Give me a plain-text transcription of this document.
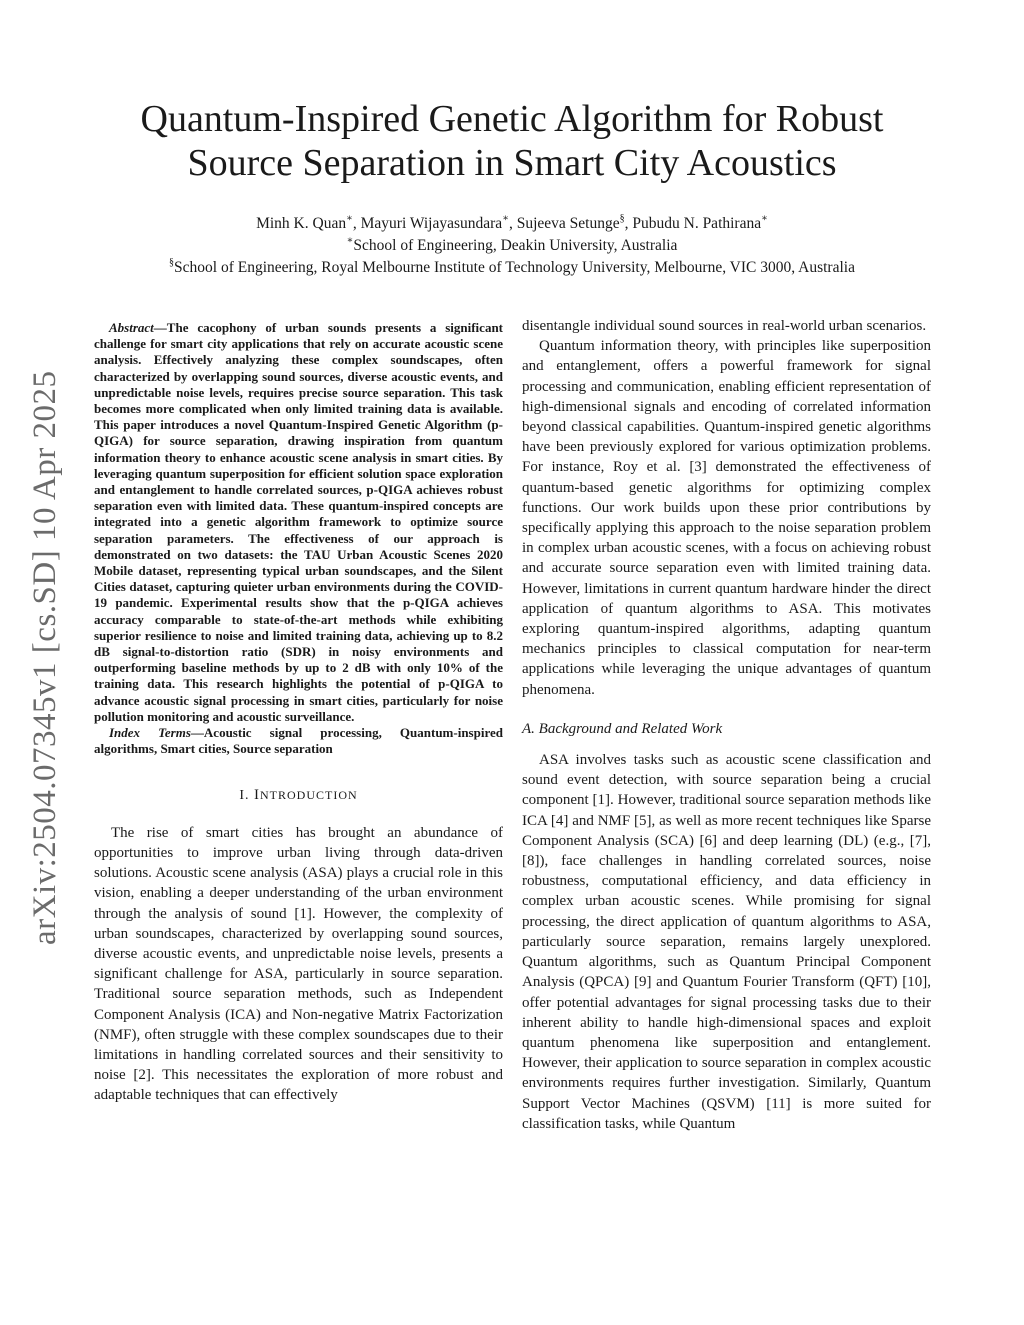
arXiv:2504.07345v1 [cs.SD] 10 Apr 2025
Quantum-Inspired Genetic Algorithm for Robust
Source Separation in Smart City Acoustics
Minh K. Quan∗, Mayuri Wijayasundara∗, Sujeeva Setunge§, Pubudu N. Pathirana∗
∗School of Engineering, Deakin University, Australia
§School of Engineering, Royal Melbourne Institute of Technology University, Melbourne, VIC 3000, Australia

Abstract—The cacophony of urban sounds presents a significant challenge for smart city applications that rely on accurate acoustic scene analysis. Effectively analyzing these complex soundscapes, often characterized by overlapping sound sources, diverse acoustic events, and unpredictable noise levels, requires precise source separation. This task becomes more complicated when only limited training data is available. This paper introduces a novel Quantum-Inspired Genetic Algorithm (p-QIGA) for source separation, drawing inspiration from quantum information theory to enhance acoustic scene analysis in smart cities. By leveraging quantum superposition for efficient solution space exploration and entanglement to handle correlated sources, p-QIGA achieves robust separation even with limited data. These quantum-inspired concepts are integrated into a genetic algorithm framework to optimize source separation parameters. The effectiveness of our approach is demonstrated on two datasets: the TAU Urban Acoustic Scenes 2020 Mobile dataset, representing typical urban soundscapes, and the Silent Cities dataset, capturing quieter urban environments during the COVID-19 pandemic. Experimental results show that the p-QIGA achieves accuracy comparable to state-of-the-art methods while exhibiting superior resilience to noise and limited training data, achieving up to 8.2 dB signal-to-distortion ratio (SDR) in noisy environments and outperforming baseline methods by up to 2 dB with only 10% of the training data. This research highlights the potential of p-QIGA to advance acoustic signal processing in smart cities, particularly for noise pollution monitoring and acoustic surveillance.

Index Terms—Acoustic signal processing, Quantum-inspired algorithms, Smart cities, Source separation

I. INTRODUCTION

The rise of smart cities has brought an abundance of opportunities to improve urban living through data-driven solutions. Acoustic scene analysis (ASA) plays a crucial role in this vision, enabling a deeper understanding of the urban environment through the analysis of sound [1]. However, the complexity of urban soundscapes, characterized by overlapping sound sources, diverse acoustic events, and unpredictable noise levels, presents a significant challenge for ASA, particularly in source separation. Traditional source separation methods, such as Independent Component Analysis (ICA) and Non-negative Matrix Factorization (NMF), often struggle with these complex soundscapes due to their limitations in handling correlated sources and their sensitivity to noise [2]. This necessitates the exploration of more robust and adaptable techniques that can effectively

disentangle individual sound sources in real-world urban scenarios.

Quantum information theory, with principles like superposition and entanglement, offers a powerful framework for signal processing and communication, enabling efficient representation of high-dimensional signals and encoding of correlated information beyond classical capabilities. Quantum-inspired genetic algorithms have been previously explored for various optimization problems. For instance, Roy et al. [3] demonstrated the effectiveness of quantum-based genetic algorithms for optimizing complex functions. Our work builds upon these prior contributions by specifically applying this approach to the noise separation problem in complex urban acoustic scenes, with a focus on achieving robust and accurate source separation even with limited training data. However, limitations in current quantum hardware hinder the direct application of quantum algorithms to ASA. This motivates exploring quantum-inspired algorithms, adapting quantum mechanics principles to classical computation for near-term applications while leveraging the unique advantages of quantum phenomena.

A. Background and Related Work

ASA involves tasks such as acoustic scene classification and sound event detection, with source separation being a crucial component [1]. However, traditional source separation methods like ICA [4] and NMF [5], as well as more recent techniques like Sparse Component Analysis (SCA) [6] and deep learning (DL) (e.g., [7], [8]), face challenges in handling correlated sources, noise robustness, computational efficiency, and data efficiency in complex urban acoustic scenes. While promising for signal processing, the direct application of quantum algorithms to ASA, particularly source separation, remains largely unexplored. Quantum algorithms, such as Quantum Principal Component Analysis (QPCA) [9] and Quantum Fourier Transform (QFT) [10], offer potential advantages for signal processing tasks due to their inherent ability to handle high-dimensional spaces and exploit quantum phenomena like superposition and entanglement. However, their application to source separation in complex acoustic environments requires further investigation. Similarly, Quantum Support Vector Machines (QSVM) [11] is more suited for classification tasks, while Quantum
